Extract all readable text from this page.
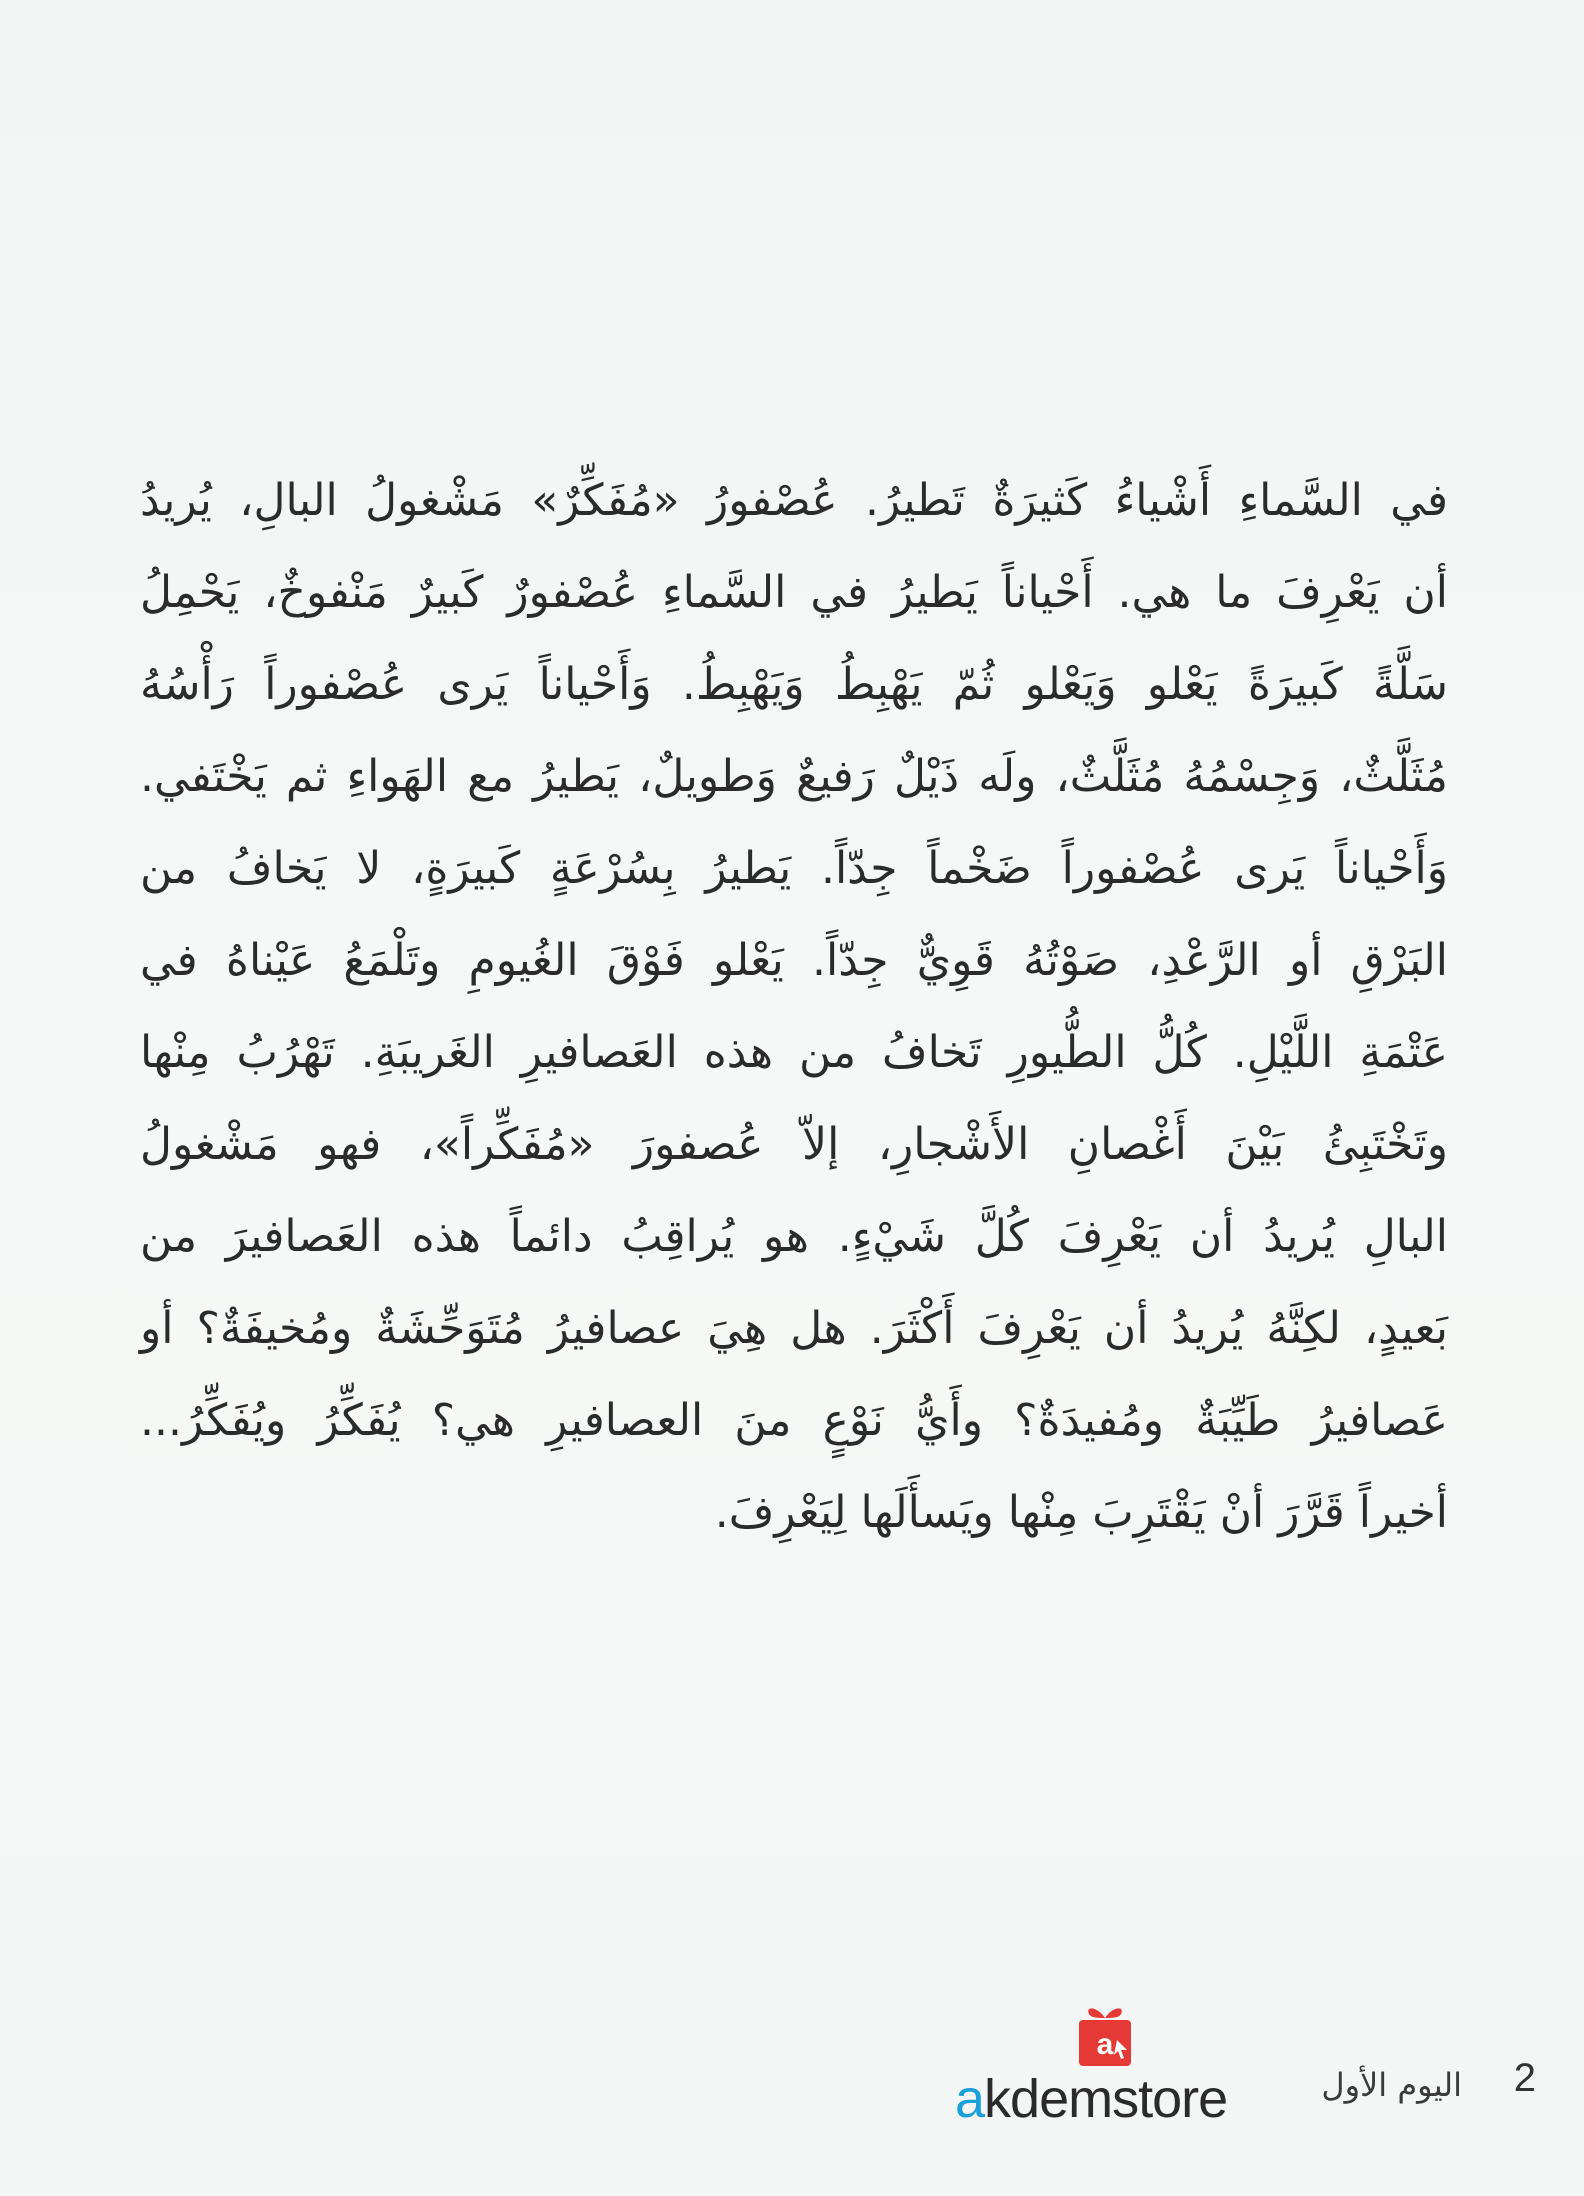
في السَّماءِ أَشْياءُ كَثيرَةٌ تَطيرُ. عُصْفورُ «مُفَكِّرٌ» مَشْغولُ البالِ، يُريدُ
أن يَعْرِفَ ما هي. أَحْياناً يَطيرُ في السَّماءِ عُصْفورٌ كَبيرٌ مَنْفوخٌ، يَحْمِلُ
سَلَّةً كَبيرَةً يَعْلو وَيَعْلو ثُمّ يَهْبِطُ وَيَهْبِطُ. وَأَحْياناً يَرى عُصْفوراً رَأْسُهُ
مُثَلَّثٌ، وَجِسْمُهُ مُثَلَّثٌ، ولَه ذَيْلٌ رَفيعٌ وَطويلٌ، يَطيرُ مع الهَواءِ ثم يَخْتَفي.
وَأَحْياناً يَرى عُصْفوراً ضَخْماً جِدّاً. يَطيرُ بِسُرْعَةٍ كَبيرَةٍ، لا يَخافُ من
البَرْقِ أو الرَّعْدِ، صَوْتُهُ قَوِيٌّ جِدّاً. يَعْلو فَوْقَ الغُيومِ وتَلْمَعُ عَيْناهُ في
عَتْمَةِ اللَّيْلِ. كُلُّ الطُّيورِ تَخافُ من هذه العَصافيرِ الغَريبَةِ. تَهْرُبُ مِنْها
وتَخْتَبِئُ بَيْنَ أَغْصانِ الأَشْجارِ، إلاّ عُصفورَ «مُفَكِّراً»، فهو مَشْغولُ
البالِ يُريدُ أن يَعْرِفَ كُلَّ شَيْءٍ. هو يُراقِبُ دائماً هذه العَصافيرَ من
بَعيدٍ، لكِنَّهُ يُريدُ أن يَعْرِفَ أَكْثَرَ. هل هِيَ عصافيرُ مُتَوَحِّشَةٌ ومُخيفَةٌ؟ أو
عَصافيرُ طَيِّبَةٌ ومُفيدَةٌ؟ وأَيُّ نَوْعٍ منَ العصافيرِ هي؟ يُفَكِّرُ ويُفَكِّرُ...
أخيراً قَرَّرَ أنْ يَقْتَرِبَ مِنْها ويَسأَلَها لِيَعْرِفَ.
a
akdemstore	اليوم الأول 2
